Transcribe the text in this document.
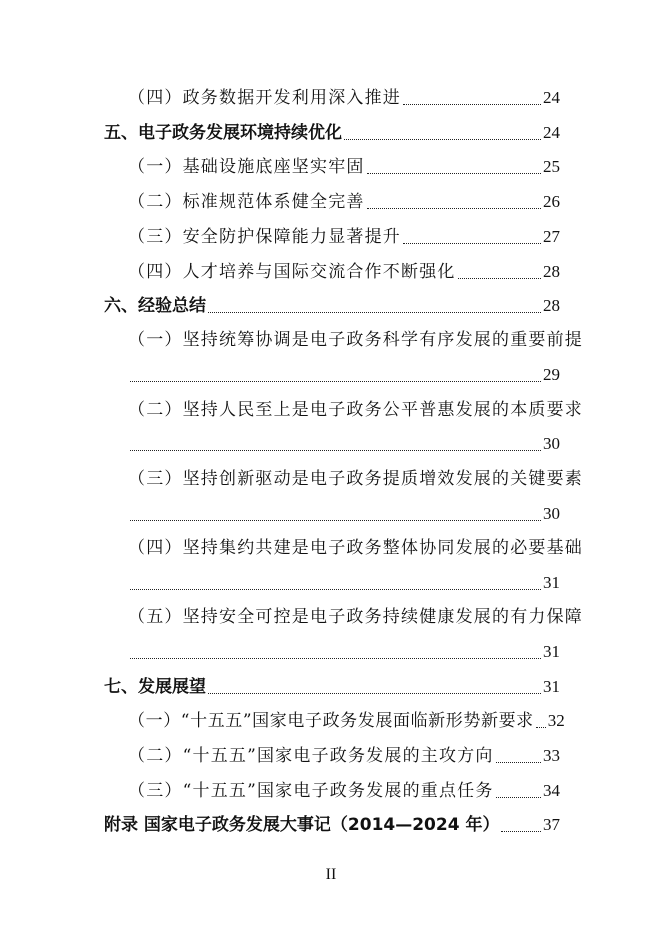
（四）政务数据开发利用深入推进	24
五、电子政务发展环境持续优化	24
（一）基础设施底座坚实牢固	25
（二）标准规范体系健全完善	26
（三）安全防护保障能力显著提升	27
（四）人才培养与国际交流合作不断强化	28
六、经验总结	28
（一）坚持统筹协调是电子政务科学有序发展的重要前提
29
（二）坚持人民至上是电子政务公平普惠发展的本质要求
30
（三）坚持创新驱动是电子政务提质增效发展的关键要素
30
（四）坚持集约共建是电子政务整体协同发展的必要基础
31
（五）坚持安全可控是电子政务持续健康发展的有力保障
31
七、发展展望	31
（一）“十五五”国家电子政务发展面临新形势新要求 32
（二）“十五五”国家电子政务发展的主攻方向	33
（三）“十五五”国家电子政务发展的重点任务	34
附录 国家电子政务发展大事记（2014—2024 年）	37
II
